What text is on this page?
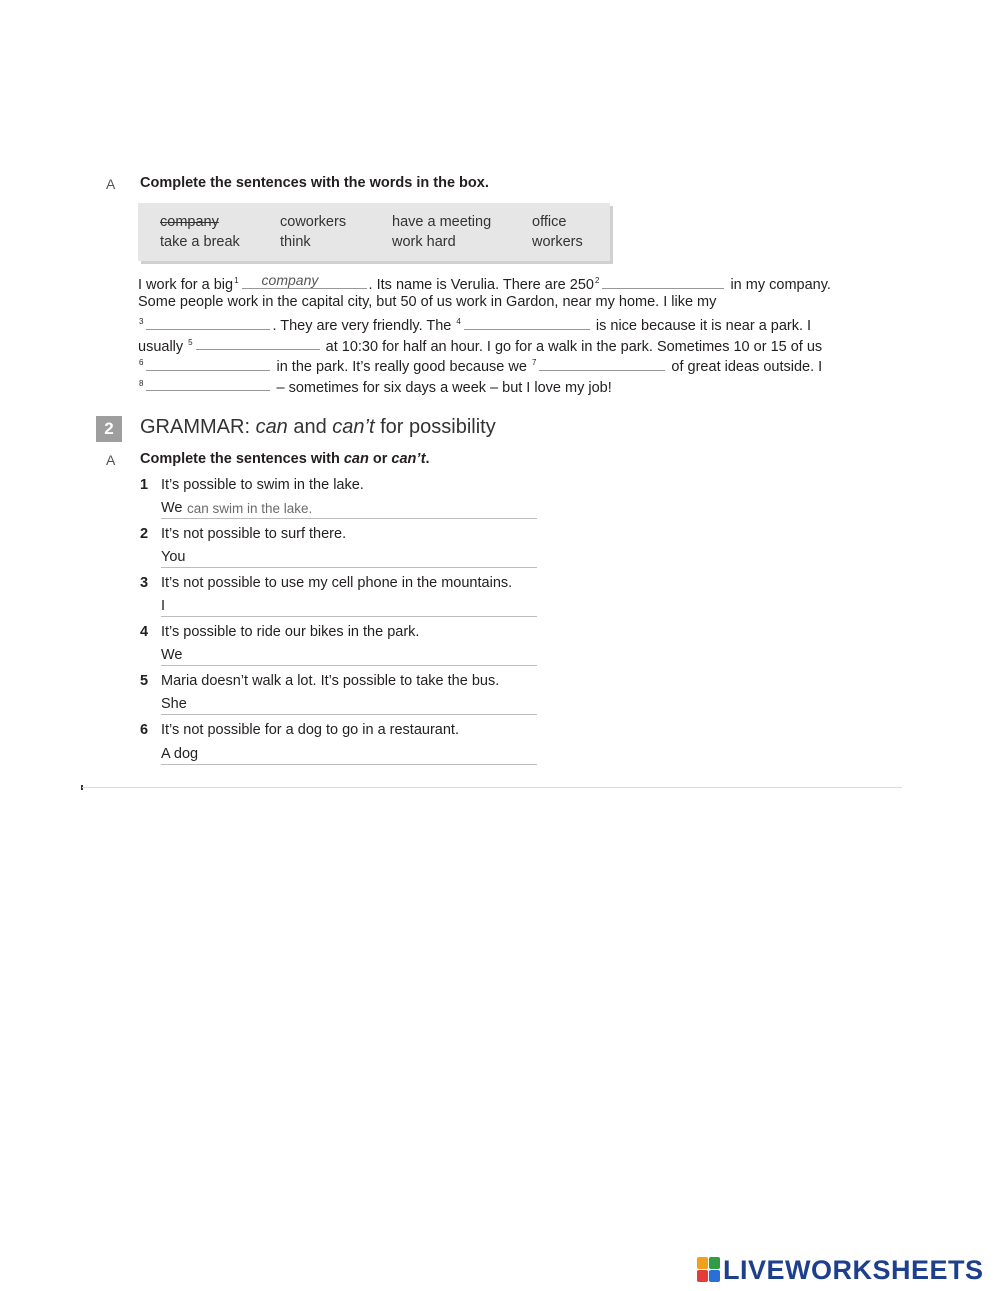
A Complete the sentences with the words in the box.
company	coworkers	have a meeting	office
take a break	think	work hard	workers
I work for a big$^1$ company	. Its name is Verulia. There are $250^2$	in my company.
Some people work in the capital city, but 50 of us work in Gardon, near my home. I like my
$^3$	. They are very friendly. The $^4$	is nice because it is near a park. I
usually $^5$	at 10:30 for half an hour. I go for a walk in the park. Sometimes 10 or 15 of us
$^6$	in the park. It’s really good because we $^7$	of great ideas outside. I
$^8$	– sometimes for six days a week – but I love my job!
2	GRAMMAR: can and can’t for possibility
A Complete the sentences with can or can’t.
1 It’s possible to swim in the lake.
We can swim in the lake.
2 It’s not possible to surf there.
You
3 It’s not possible to use my cell phone in the mountains.
I
4 It’s possible to ride our bikes in the park.
We
5 Maria doesn’t walk a lot. It’s possible to take the bus.
She
6 It’s not possible for a dog to go in a restaurant.
A dog
LIVEWORKSHEETS
